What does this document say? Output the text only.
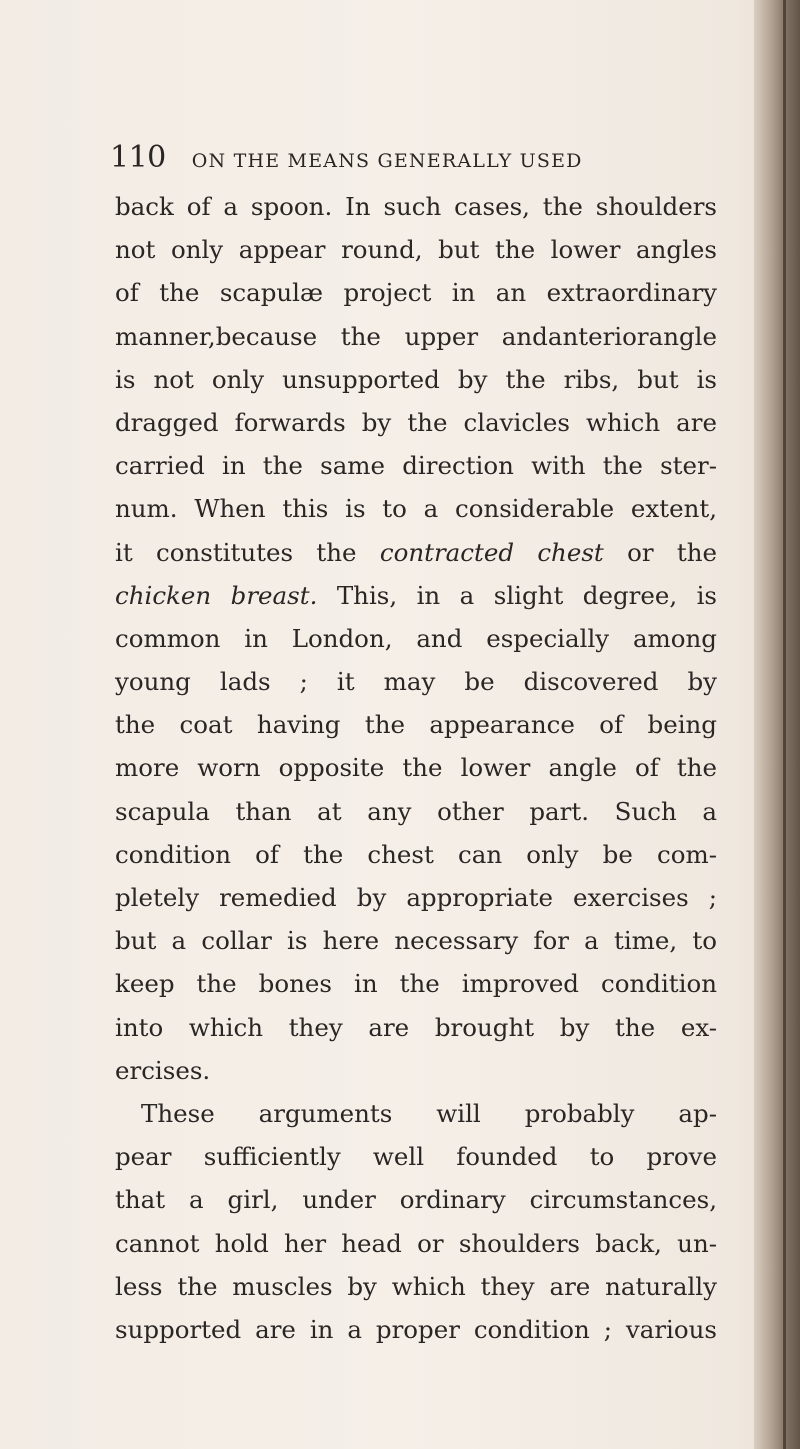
110 ON THE MEANS GENERALLY USED
back of a spoon. In such cases, the shoulders
not only appear round, but the lower angles
of the scapulæ project in an extraordinary
manner,because the upper andanteriorangle
is not only unsupported by the ribs, but is
dragged forwards by the clavicles which are
carried in the same direction with the ster-
num. When this is to a considerable extent,
it constitutes the contracted chest or the
chicken breast. This, in a slight degree, is
common in London, and especially among
young lads ; it may be discovered by
the coat having the appearance of being
more worn opposite the lower angle of the
scapula than at any other part. Such a
condition of the chest can only be com-
pletely remedied by appropriate exercises ;
but a collar is here necessary for a time, to
keep the bones in the improved condition
into which they are brought by the ex-
ercises.
These arguments will probably ap-
pear sufficiently well founded to prove
that a girl, under ordinary circumstances,
cannot hold her head or shoulders back, un-
less the muscles by which they are naturally
supported are in a proper condition ; various
